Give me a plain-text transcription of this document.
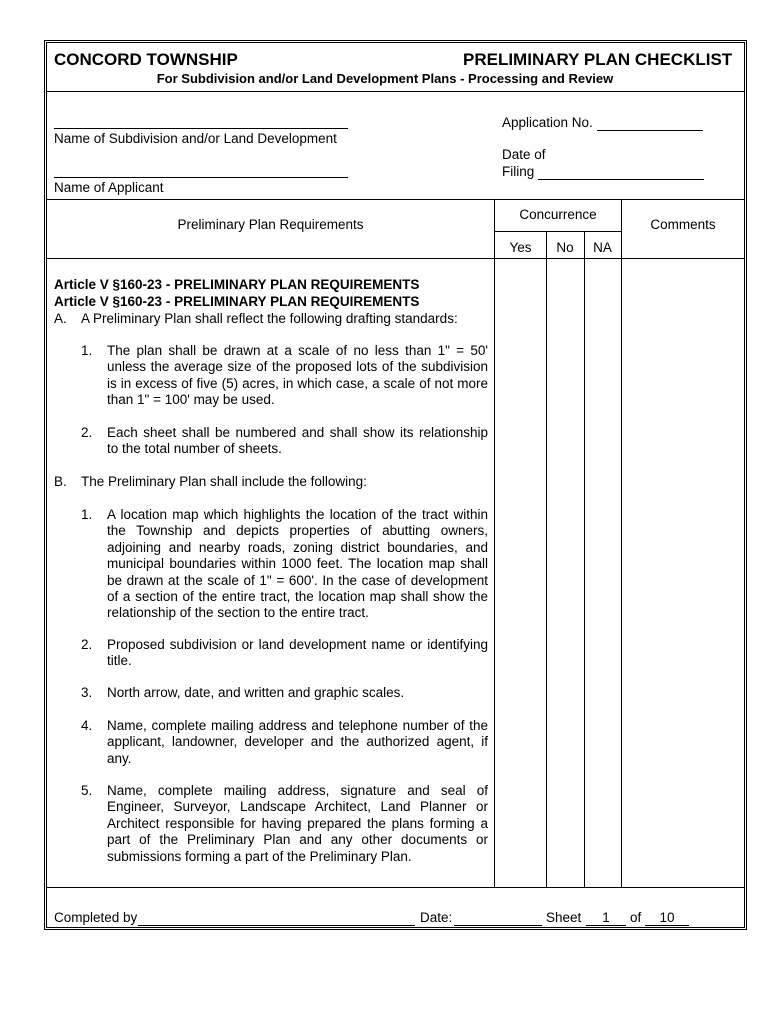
CONCORD TOWNSHIP	PRELIMINARY PLAN CHECKLIST
For Subdivision and/or Land Development Plans - Processing and Review
Name of Subdivision and/or Land Development
Name of Applicant
Application No.
Date of
Filing
Preliminary Plan Requirements
Concurrence
Comments
Yes	No	NA
Article V §160-23 - PRELIMINARY PLAN REQUIREMENTS
Article V §160-23 - PRELIMINARY PLAN REQUIREMENTS
A. A Preliminary Plan shall reflect the following drafting standards:
1. The plan shall be drawn at a scale of no less than 1" = 50'
unless the average size of the proposed lots of the subdivision
is in excess of five (5) acres, in which case, a scale of not more
than 1" = 100' may be used.
2. Each sheet shall be numbered and shall show its relationship
to the total number of sheets.
B. The Preliminary Plan shall include the following:
1. A location map which highlights the location of the tract within
the Township and depicts properties of abutting owners,
adjoining and nearby roads, zoning district boundaries, and
municipal boundaries within 1000 feet. The location map shall
be drawn at the scale of 1" = 600'. In the case of development
of a section of the entire tract, the location map shall show the
relationship of the section to the entire tract.
2. Proposed subdivision or land development name or identifying
title.
3. North arrow, date, and written and graphic scales.
4. Name, complete mailing address and telephone number of the
applicant, landowner, developer and the authorized agent, if
any.
5. Name, complete mailing address, signature and seal of
Engineer, Surveyor, Landscape Architect, Land Planner or
Architect responsible for having prepared the plans forming a
part of the Preliminary Plan and any other documents or
submissions forming a part of the Preliminary Plan.
Completed by	Date:	Sheet	1	of	10
